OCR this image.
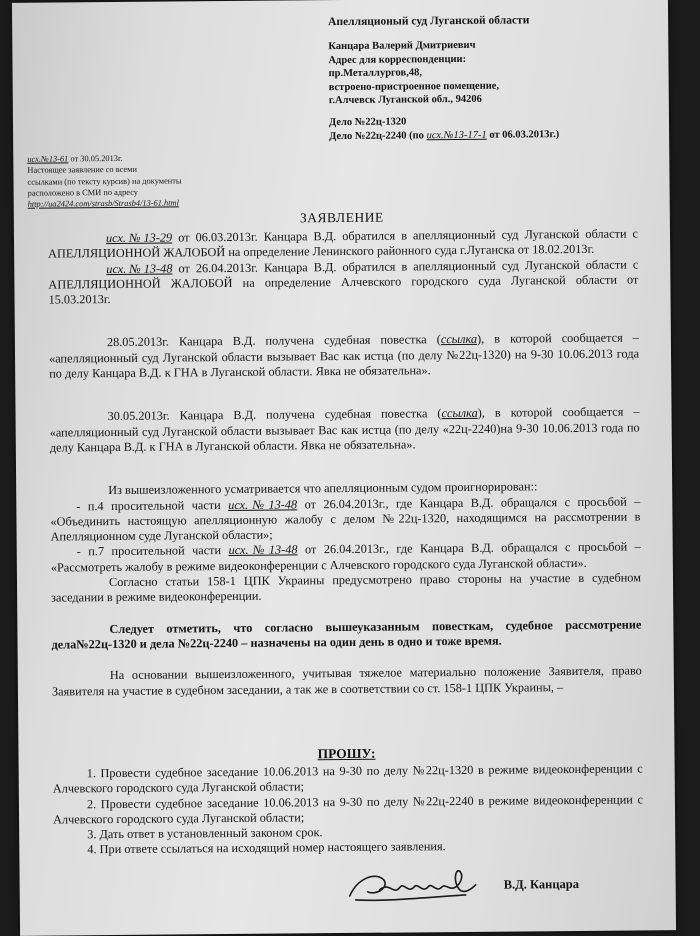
Апелляционый суд Луганской области
Канцара Валерий Дмитриевич
Адрес для корреспонденции:
пр.Металлургов,48,
встроено-пристроенное помещение,
г.Алчевск Луганской обл., 94206
Дело №22ц-1320
Дело №22ц-2240 (по исх.№13-17-1 от 06.03.2013г.)
исх.№13-61 от 30.05.2013г.
Настоящее заявление со всеми
ссылками (по тексту курсив) на документы
расположено в СМИ по адресу
http://ua2424.com/strasb/Strasb4/13-61.html
ЗАЯВЛЕНИЕ

исх.№13-29 от 06.03.2013г. Канцара В.Д. обратился в апелляционный суд Луганской области с АПЕЛЛЯЦИОННОЙ ЖАЛОБОЙ на определение Ленинского районного суда г.Луганска от 18.02.2013г.

исх.№13-48 от 26.04.2013г. Канцара В.Д. обратился в апелляционный суд Луганской области с АПЕЛЛЯЦИОННОЙ ЖАЛОБОЙ на определение Алчевского городского суда Луганской области от 15.03.2013г.

28.05.2013г. Канцара В.Д. получена судебная повестка (ссылка), в которой сообщается – «апелляционный суд Луганской области вызывает Вас как истца (по делу №22ц-1320) на 9-30 10.06.2013 года по делу Канцара В.Д. к ГНА в Луганской области. Явка не обязательна».

30.05.2013г. Канцара В.Д. получена судебная повестка (ссылка), в которой сообщается – «апелляционный суд Луганской области вызывает Вас как истца (по делу «22ц-2240)на 9-30 10.06.2013 года по делу Канцара В.Д. к ГНА в Луганской области. Явка не обязательна».

Из вышеизложенного усматривается что апелляционным судом проигнорирован::

- п.4 просительной части исх.№13-48 от 26.04.2013г., где Канцара В.Д. обращался с просьбой – «Объединить настоящую апелляционную жалобу с делом №22ц-1320, находящимся на рассмотрении в Апелляционном суде Луганской области»;

- п.7 просительной части исх.№13-48 от 26.04.2013г., где Канцара В.Д. обращался с просьбой – «Рассмотреть жалобу в режиме видеоконференции с Алчевского городского суда Луганской области».

Согласно статьи 158-1 ЦПК Украины предусмотрено право стороны на участие в судебном заседании в режиме видеоконференции.

Следует отметить, что согласно вышеуказанным повесткам, судебное рассмотрение дела№22ц-1320 и дела №22ц-2240 – назначены на один день в одно и тоже время.

На основании вышеизложенного, учитывая тяжелое материально положение Заявителя, право Заявителя на участие в судебном заседании, а так же в соответствии со ст. 158-1 ЦПК Украины, –

ПРОШУ:

1. Провести судебное заседание 10.06.2013 на 9-30 по делу №22ц-1320 в режиме видеоконференции с Алчевского городского суда Луганской области;

2. Провести судебное заседание 10.06.2013 на 9-30 по делу №22ц-2240 в режиме видеоконференции с Алчевского городского суда Луганской области;

3. Дать ответ в установленный законом срок.

4. При ответе ссылаться на исходящий номер настоящего заявления.

В.Д. Канцара
